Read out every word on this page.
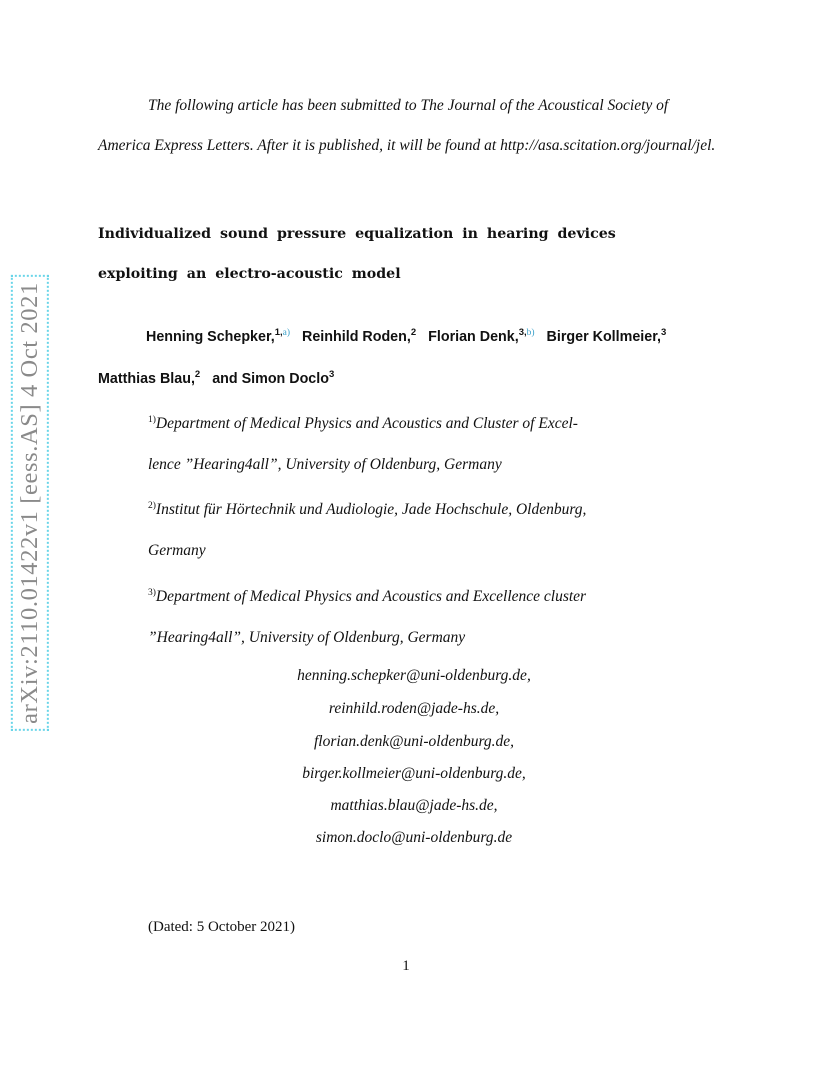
arXiv:2110.01422v1 [eess.AS] 4 Oct 2021
The following article has been submitted to The Journal of the Acoustical Society of
America Express Letters. After it is published, it will be found at http://asa.scitation.org/journal/jel.
Individualized sound pressure equalization in hearing devices
exploiting an electro-acoustic model
Henning Schepker,$^{1,a)}$ Reinhild Roden,$^2$ Florian Denk,$^{3,b)}$ Birger Kollmeier,$^3$
Matthias Blau,$^2$ and Simon Doclo$^3$
$^{1)}$Department of Medical Physics and Acoustics and Cluster of Excel-
lence ”Hearing4all”, University of Oldenburg, Germany
$^{2)}$Institut für Hörtechnik und Audiologie, Jade Hochschule, Oldenburg,
Germany
$^{3)}$Department of Medical Physics and Acoustics and Excellence cluster
”Hearing4all”, University of Oldenburg, Germany
henning.schepker@uni-oldenburg.de,
reinhild.roden@jade-hs.de,
florian.denk@uni-oldenburg.de,
birger.kollmeier@uni-oldenburg.de,
matthias.blau@jade-hs.de,
simon.doclo@uni-oldenburg.de
(Dated: 5 October 2021)
1
